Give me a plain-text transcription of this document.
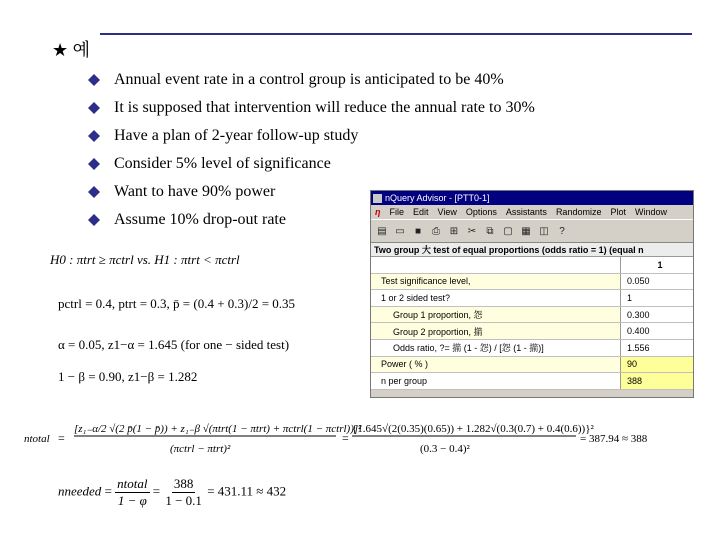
★ 예
Annual event rate in a control group is anticipated to be 40%
It is supposed that intervention will reduce the annual rate to 30%
Have a plan of 2-year follow-up study
Consider 5% level of significance
Want to have 90% power
Assume 10% drop-out rate
H0 : πtrt ≥ πctrl vs. H1 : πtrt < πctrl
pctrl = 0.4, ptrt = 0.3, p̄ = (0.4 + 0.3)/2 = 0.35
α = 0.05, z1−α = 1.645 (for one − sided test)
1 − β = 0.90, z1−β = 1.282
ntotal =
[z₁₋α/2 √(2 p̄(1 − p̄)) + z₁₋β √(πtrt(1 − πtrt) + πctrl(1 − πctrl))]²
(πctrl − πtrt)²
=
{1.645√(2(0.35)(0.65)) + 1.282√(0.3(0.7) + 0.4(0.6))}²
(0.3 − 0.4)²
= 387.94 ≈ 388
nneeded = $\frac{\text{ntotal}}{1 - \varphi} = \frac{388}{1 - 0.1} = 431.11 \approx 432$
nQuery Advisor - [PTT0-1]
η File Edit View Options Assistants Randomize Plot Window
▤ ▭	■	⎙ ⊞ ✂	⧉ ▢ ▦ ◫	?
Two group 大 test of equal proportions (odds ratio = 1) (equal n
1
Test significance level,	0.050
1 or 2 sided test?	1
Group 1 proportion, 怨	0.300
Group 2 proportion, 擶	0.400
Odds ratio, ?= 擶 (1 - 怨) / [怨 (1 - 擶)]	1.556
Power ( % )	90
n per group	388
